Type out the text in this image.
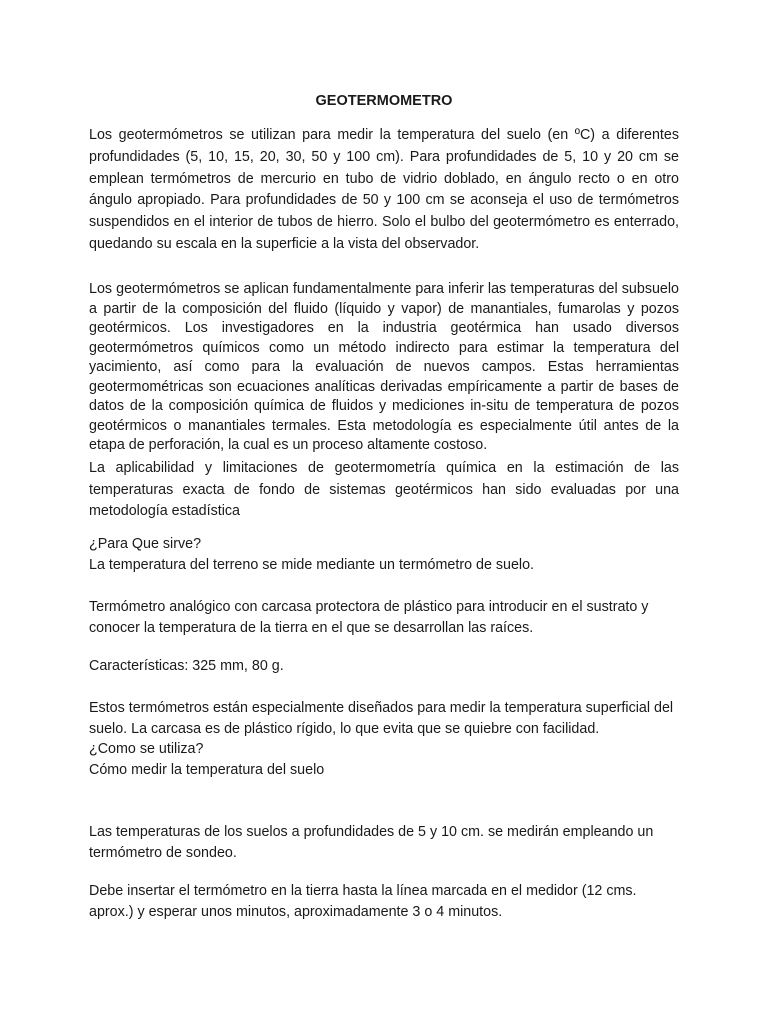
GEOTERMOMETRO

Los geotermómetros se utilizan para medir la temperatura del suelo (en ºC) a diferentes profundidades (5, 10, 15, 20, 30, 50 y 100 cm). Para profundidades de 5, 10 y 20 cm se emplean termómetros de mercurio en tubo de vidrio doblado, en ángulo recto o en otro ángulo apropiado. Para profundidades de 50 y 100 cm se aconseja el uso de termómetros suspendidos en el interior de tubos de hierro. Solo el bulbo del geotermómetro es enterrado, quedando su escala en la superficie a la vista del observador.

Los geotermómetros se aplican fundamentalmente para inferir las temperaturas del subsuelo a partir de la composición del fluido (líquido y vapor) de manantiales, fumarolas y pozos geotérmicos. Los investigadores en la industria geotérmica han usado diversos geotermómetros químicos como un método indirecto para estimar la temperatura del yacimiento, así como para la evaluación de nuevos campos. Estas herramientas geotermométricas son ecuaciones analíticas derivadas empíricamente a partir de bases de datos de la composición química de fluidos y mediciones in-situ de temperatura de pozos geotérmicos o manantiales termales. Esta metodología es especialmente útil antes de la etapa de perforación, la cual es un proceso altamente costoso.

La aplicabilidad y limitaciones de geotermometría química en la estimación de las temperaturas exacta de fondo de sistemas geotérmicos han sido evaluadas por una metodología estadística

¿Para Que sirve?
La temperatura del terreno se mide mediante un termómetro de suelo.

Termómetro analógico con carcasa protectora de plástico para introducir en el sustrato y conocer la temperatura de la tierra en el que se desarrollan las raíces.

Características: 325 mm, 80 g.

Estos termómetros están especialmente diseñados para medir la temperatura superficial del suelo. La carcasa es de plástico rígido, lo que evita que se quiebre con facilidad.
¿Como se utiliza?
Cómo medir la temperatura del suelo

Las temperaturas de los suelos a profundidades de 5 y 10 cm. se medirán empleando un termómetro de sondeo.

Debe insertar el termómetro en la tierra hasta la línea marcada en el medidor (12 cms. aprox.) y esperar unos minutos, aproximadamente 3 o 4 minutos.
